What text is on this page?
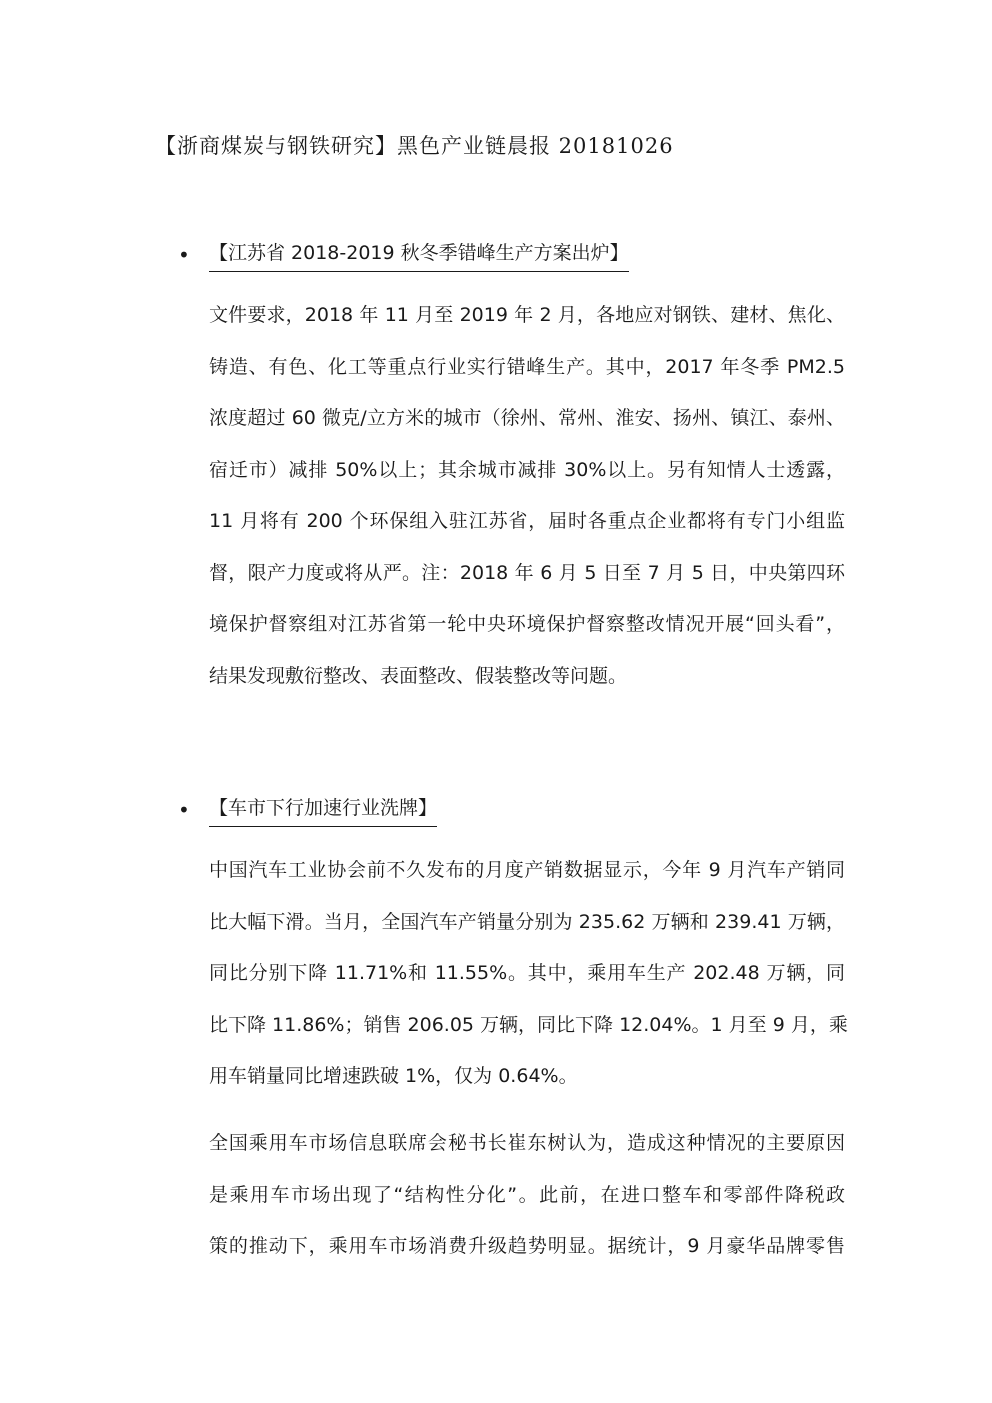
【浙商煤炭与钢铁研究】黑色产业链晨报 20181026
• 【江苏省 2018-2019 秋冬季错峰生产方案出炉】
文件要求，2018 年 11 月至 2019 年 2 月，各地应对钢铁、建材、焦化、
铸造、有色、化工等重点行业实行错峰生产。其中，2017 年冬季 PM2.5
浓度超过 60 微克/立方米的城市（徐州、常州、淮安、扬州、镇江、泰州、
宿迁市）减排 50%以上；其余城市减排 30%以上。另有知情人士透露，
11 月将有 200 个环保组入驻江苏省，届时各重点企业都将有专门小组监
督，限产力度或将从严。注：2018 年 6 月 5 日至 7 月 5 日，中央第四环
境保护督察组对江苏省第一轮中央环境保护督察整改情况开展“回头看”，
结果发现敷衍整改、表面整改、假装整改等问题。
• 【车市下行加速行业洗牌】
中国汽车工业协会前不久发布的月度产销数据显示，今年 9 月汽车产销同
比大幅下滑。当月，全国汽车产销量分别为 235.62 万辆和 239.41 万辆，
同比分别下降 11.71%和 11.55%。其中，乘用车生产 202.48 万辆，同
比下降 11.86%；销售 206.05 万辆，同比下降 12.04%。1 月至 9 月，乘
用车销量同比增速跌破 1%，仅为 0.64%。
全国乘用车市场信息联席会秘书长崔东树认为，造成这种情况的主要原因
是乘用车市场出现了“结构性分化”。此前，在进口整车和零部件降税政
策的推动下，乘用车市场消费升级趋势明显。据统计，9 月豪华品牌零售
